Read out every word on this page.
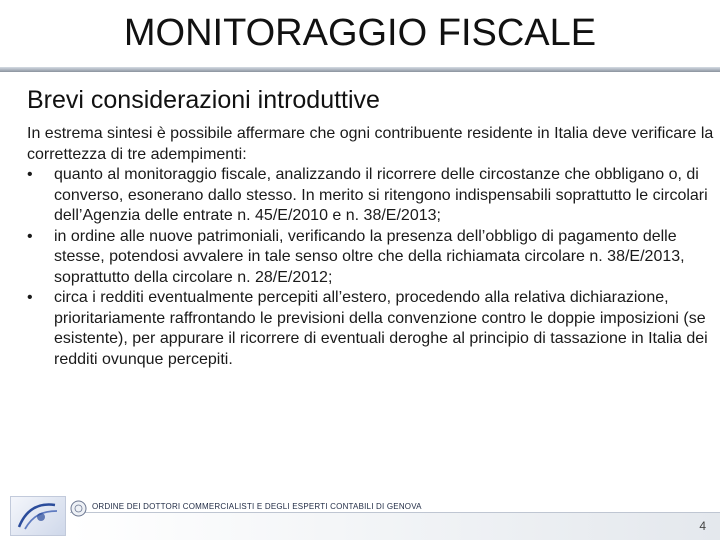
MONITORAGGIO FISCALE
Brevi considerazioni introduttive

In estrema sintesi è possibile affermare che ogni contribuente residente in Italia deve verificare la correttezza di tre adempimenti:

•	quanto al monitoraggio fiscale, analizzando il ricorrere delle circostanze che obbligano o, di converso, esonerano dallo stesso. In merito si ritengono indispensabili soprattutto le circolari dell’Agenzia delle entrate n. 45/E/2010 e n. 38/E/2013;
•	in ordine alle nuove patrimoniali, verificando la presenza dell’obbligo di pagamento delle stesse, potendosi avvalere in tale senso oltre che della richiamata circolare n. 38/E/2013, soprattutto della circolare n. 28/E/2012;
•	circa i redditi eventualmente percepiti all’estero, procedendo alla relativa dichiarazione, prioritariamente raffrontando le previsioni della convenzione contro le doppie imposizioni (se esistente), per appurare il ricorrere di eventuali deroghe al principio di tassazione in Italia dei redditi ovunque percepiti.
ORDINE DEI DOTTORI COMMERCIALISTI E DEGLI ESPERTI CONTABILI DI GENOVA
4
